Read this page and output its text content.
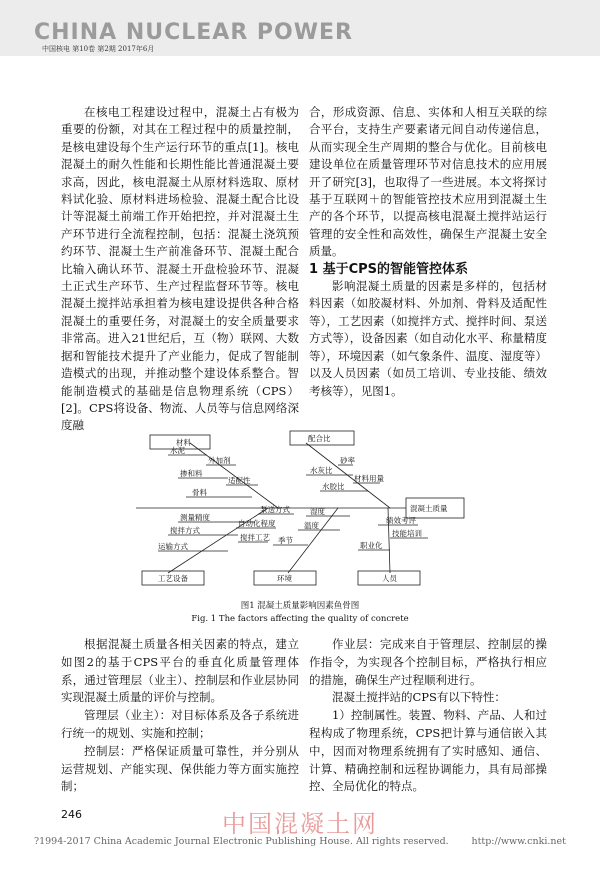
CHINA NUCLEAR POWER
中国核电 第10卷 第2期 2017年6月

在核电工程建设过程中，混凝土占有极为重要的份额，对其在工程过程中的质量控制，是核电建设每个生产运行环节的重点[1]。核电混凝土的耐久性能和长期性能比普通混凝土要求高，因此，核电混凝土从原材料选取、原材料试化验、原材料进场检验、混凝土配合比设计等混凝土前端工作开始把控，并对混凝土生产环节进行全流程控制，包括：混凝土浇筑预约环节、混凝土生产前准备环节、混凝土配合比输入确认环节、混凝土开盘检验环节、混凝土正式生产环节、生产过程监督环节等。核电混凝土搅拌站承担着为核电建设提供各种合格混凝土的重要任务，对混凝土的安全质量要求非常高。进入21世纪后，互（物）联网、大数据和智能技术提升了产业能力，促成了智能制造模式的出现，并推动整个建设体系整合。智能制造模式的基础是信息物理系统（CPS）[2]。CPS将设备、物流、人员等与信息网络深度融

合，形成资源、信息、实体和人相互关联的综合平台，支持生产要素诸元间自动传递信息，从而实现全生产周期的整合与优化。目前核电建设单位在质量管理环节对信息技术的应用展开了研究[3]，也取得了一些进展。本文将探讨基于互联网＋的智能管控技术应用到混凝土生产的各个环节，以提高核电混凝土搅拌站运行管理的安全性和高效性，确保生产混凝土安全质量。

1 基于CPS的智能管控体系

影响混凝土质量的因素是多样的，包括材料因素（如胶凝材料、外加剂、骨料及适配性等），工艺因素（如搅拌方式、搅拌时间、泵送方式等），设备因素（如自动化水平、称量精度等），环境因素（如气象条件、温度、湿度等）以及人员因素（如员工培训、专业技能、绩效考核等），见图1。

材料	配合比
混凝土质量
工艺设备	环境	人员
水泥
外加剂
掺和料
适配性
骨料
砂率
水灰比
材料用量
水胶比
泵送方式
测量精度
自动化程度
搅拌方式
搅拌工艺
运输方式
湿度
温度
季节
绩效考评
技能培训
职业化
图1 混凝土质量影响因素鱼骨图
Fig. 1 The factors affecting the quality of concrete

根据混凝土质量各相关因素的特点，建立如图2的基于CPS平台的垂直化质量管理体系，通过管理层（业主）、控制层和作业层协同实现混凝土质量的评价与控制。

管理层（业主）：对目标体系及各子系统进行统一的规划、实施和控制；

控制层：严格保证质量可靠性，并分别从运营规划、产能实现、保供能力等方面实施控制；

作业层：完成来自于管理层、控制层的操作指令，为实现各个控制目标，严格执行相应的措施，确保生产过程顺利进行。

混凝土搅拌站的CPS有以下特性：

1）控制属性。装置、物料、产品、人和过程构成了物理系统，CPS把计算与通信嵌入其中，因而对物理系统拥有了实时感知、通信、计算、精确控制和远程协调能力，具有局部操控、全局优化的特点。

246	中国混凝土网
?1994-2017 China Academic Journal Electronic Publishing House. All rights reserved. http://www.cnki.net
